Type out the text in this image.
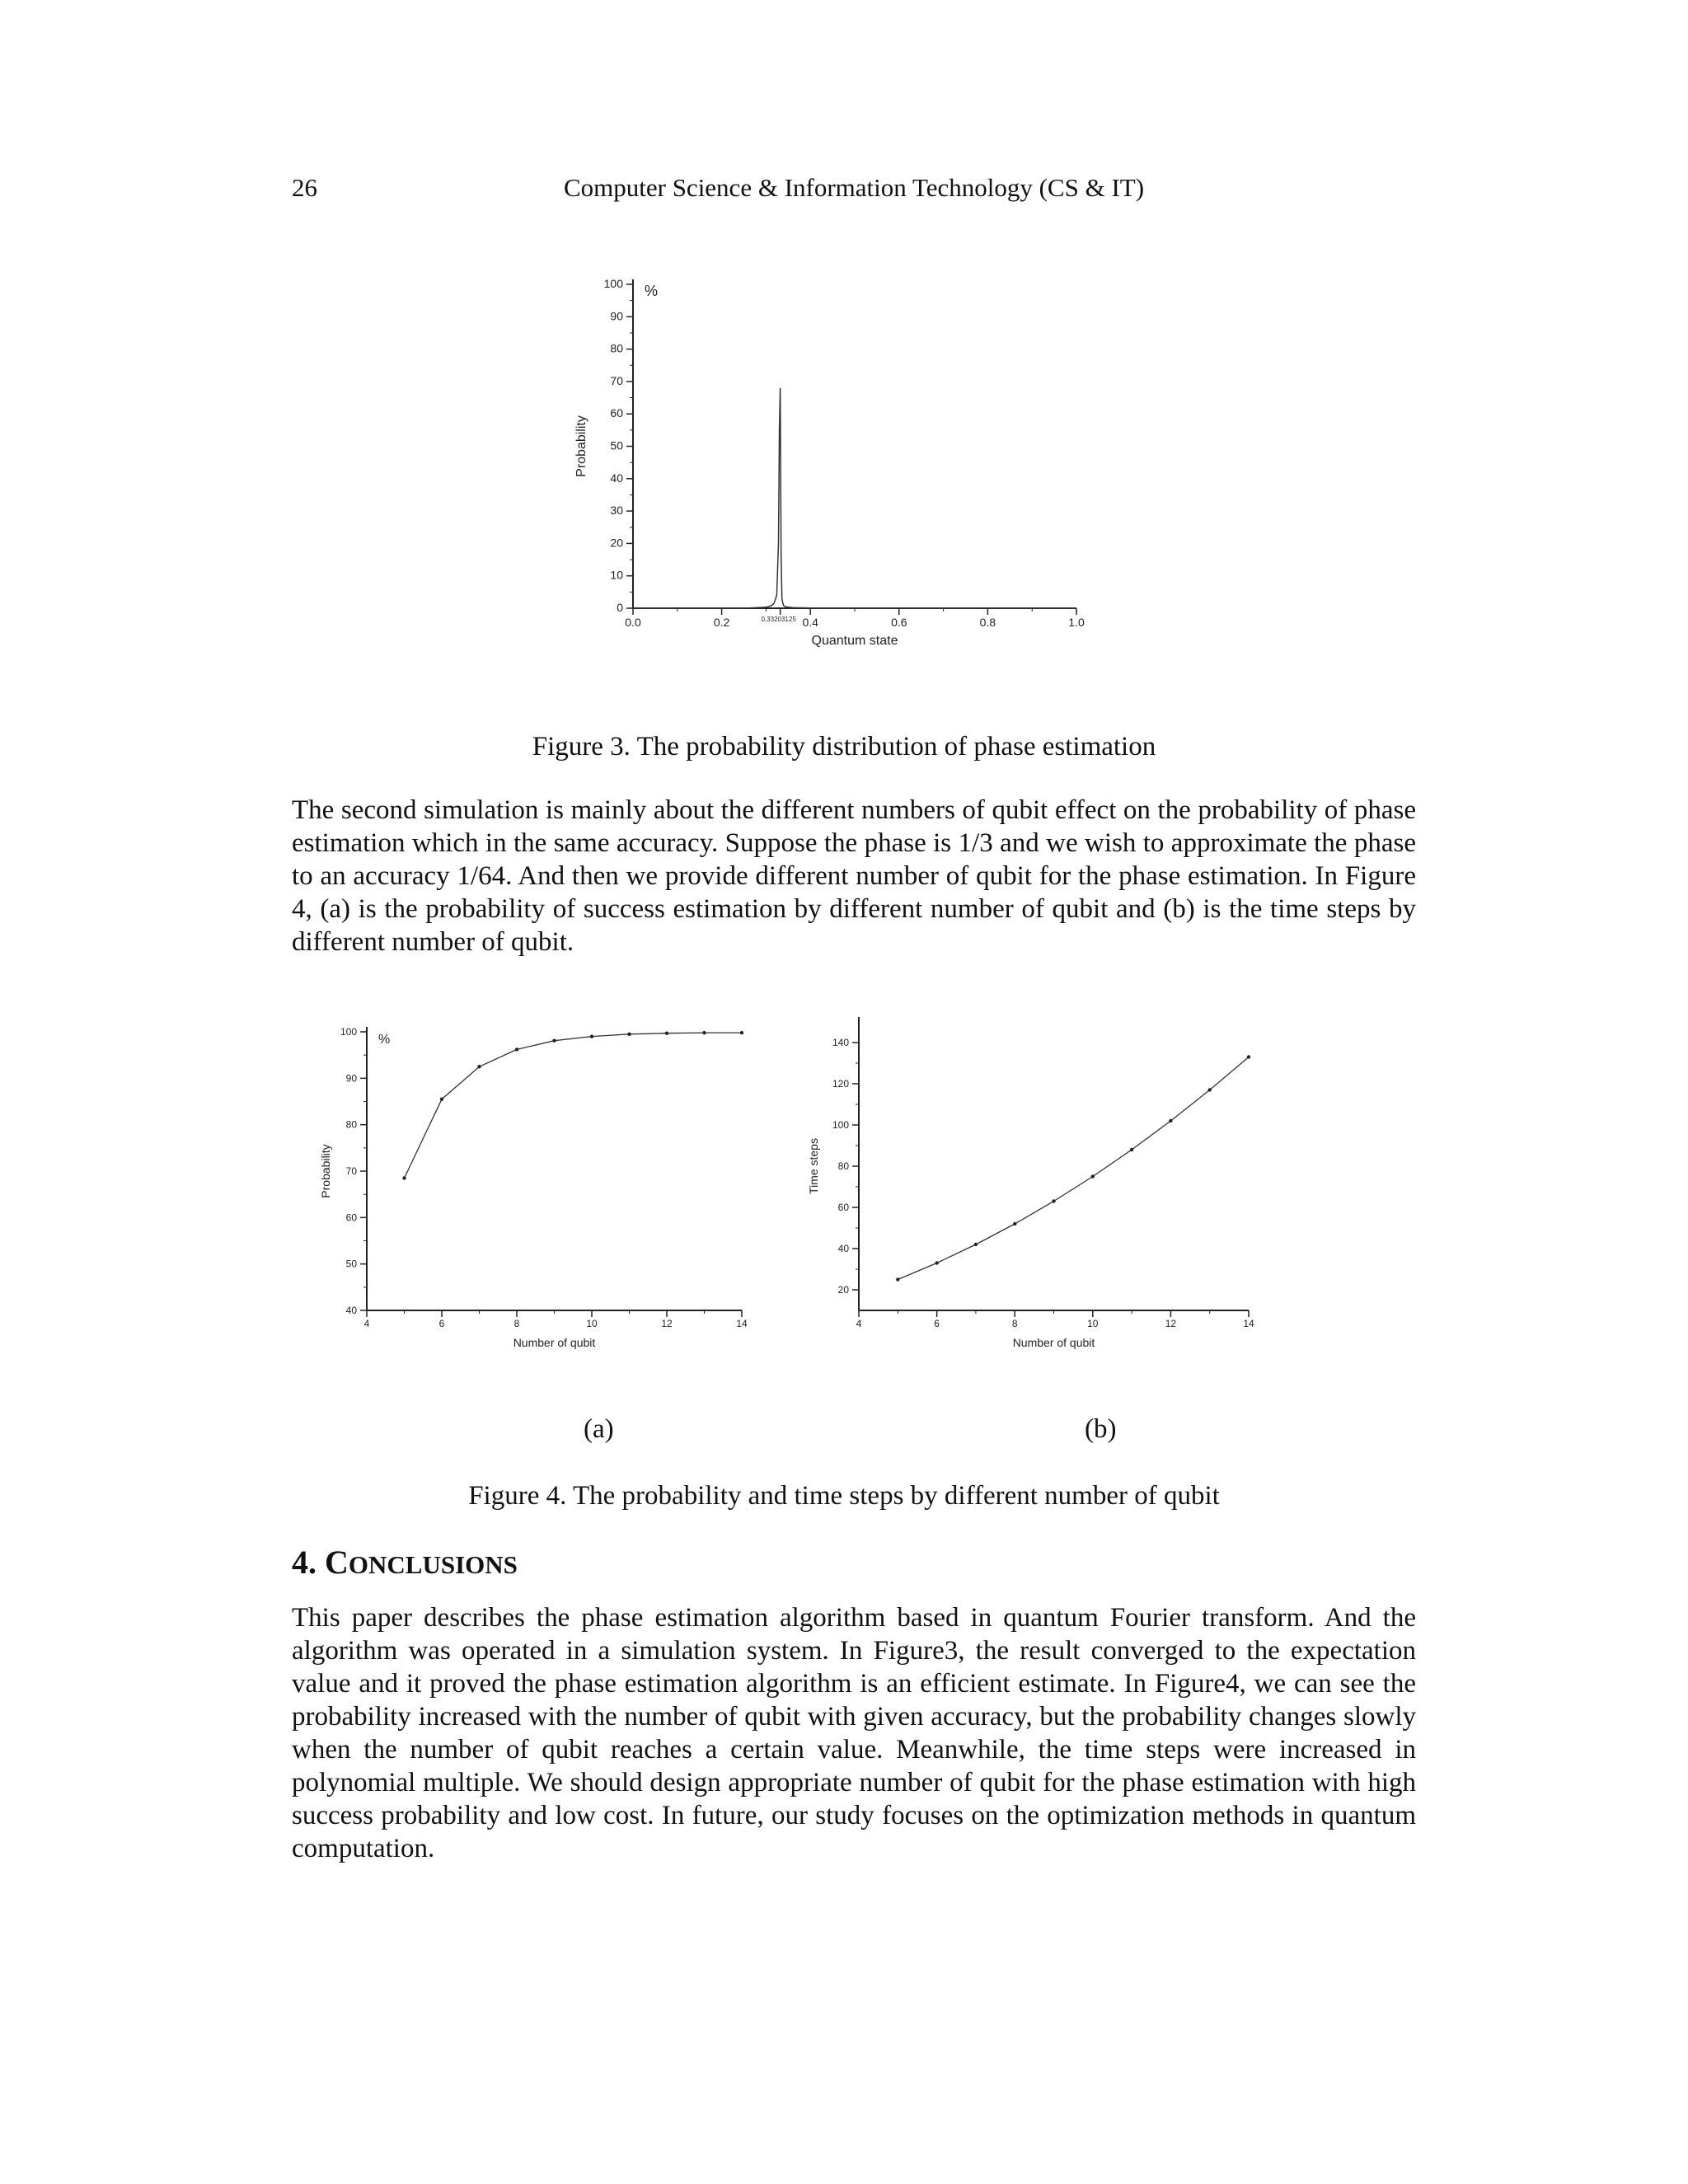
26	Computer Science & Information Technology (CS & IT)
0
10
20
30
40
50
60
70
80
90
100
0.0	0.2	0.4	0.6	0.8	1.0
Quantum state
Probability
%
0.33203125
Figure 3. The probability distribution of phase estimation

The second simulation is mainly about the different numbers of qubit effect on the probability of phase estimation which in the same accuracy. Suppose the phase is 1/3 and we wish to approximate the phase to an accuracy 1/64. And then we provide different number of qubit for the phase estimation. In Figure 4, (a) is the probability of success estimation by different number of qubit and (b) is the time steps by different number of qubit.

40
50
60
70
80
90
100
4	6	8	10	12	14
Number of qubit
Probability
%
20
40
60
80
100
120
140
4	6	8	10	12	14
Number of qubit
Time steps
(a)	(b)
Figure 4. The probability and time steps by different number of qubit
4. CONCLUSIONS

This paper describes the phase estimation algorithm based in quantum Fourier transform. And the algorithm was operated in a simulation system. In Figure3, the result converged to the expectation value and it proved the phase estimation algorithm is an efficient estimate. In Figure4, we can see the probability increased with the number of qubit with given accuracy, but the probability changes slowly when the number of qubit reaches a certain value. Meanwhile, the time steps were increased in polynomial multiple. We should design appropriate number of qubit for the phase estimation with high success probability and low cost. In future, our study focuses on the optimization methods in quantum computation.
